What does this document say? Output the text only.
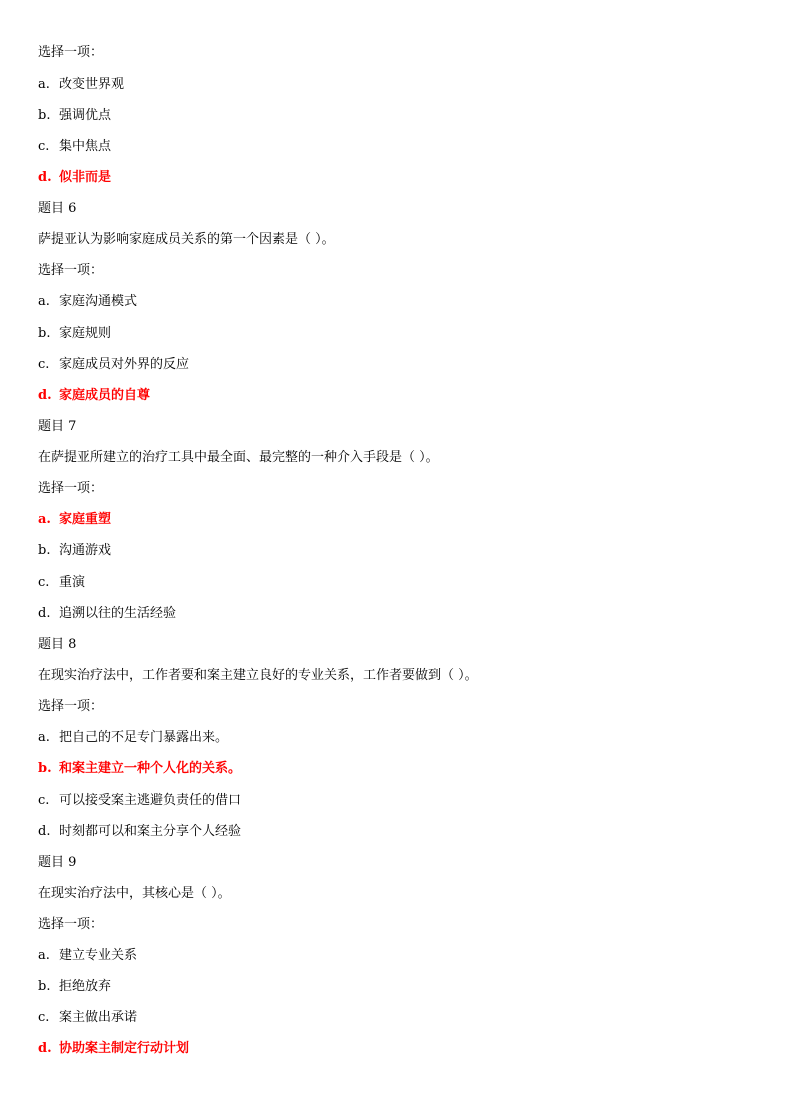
选择一项：
a. 改变世界观
b. 强调优点
c. 集中焦点
d. 似非而是
题目 6
萨提亚认为影响家庭成员关系的第一个因素是（ ）。
选择一项：
a. 家庭沟通模式
b. 家庭规则
c. 家庭成员对外界的反应
d. 家庭成员的自尊
题目 7
在萨提亚所建立的治疗工具中最全面、最完整的一种介入手段是（ ）。
选择一项：
a. 家庭重塑
b. 沟通游戏
c. 重演
d. 追溯以往的生活经验
题目 8
在现实治疗法中，工作者要和案主建立良好的专业关系，工作者要做到（ ）。
选择一项：
a. 把自己的不足专门暴露出来。
b. 和案主建立一种个人化的关系。
c. 可以接受案主逃避负责任的借口
d. 时刻都可以和案主分享个人经验
题目 9
在现实治疗法中，其核心是（ ）。
选择一项：
a. 建立专业关系
b. 拒绝放弃
c. 案主做出承诺
d. 协助案主制定行动计划
